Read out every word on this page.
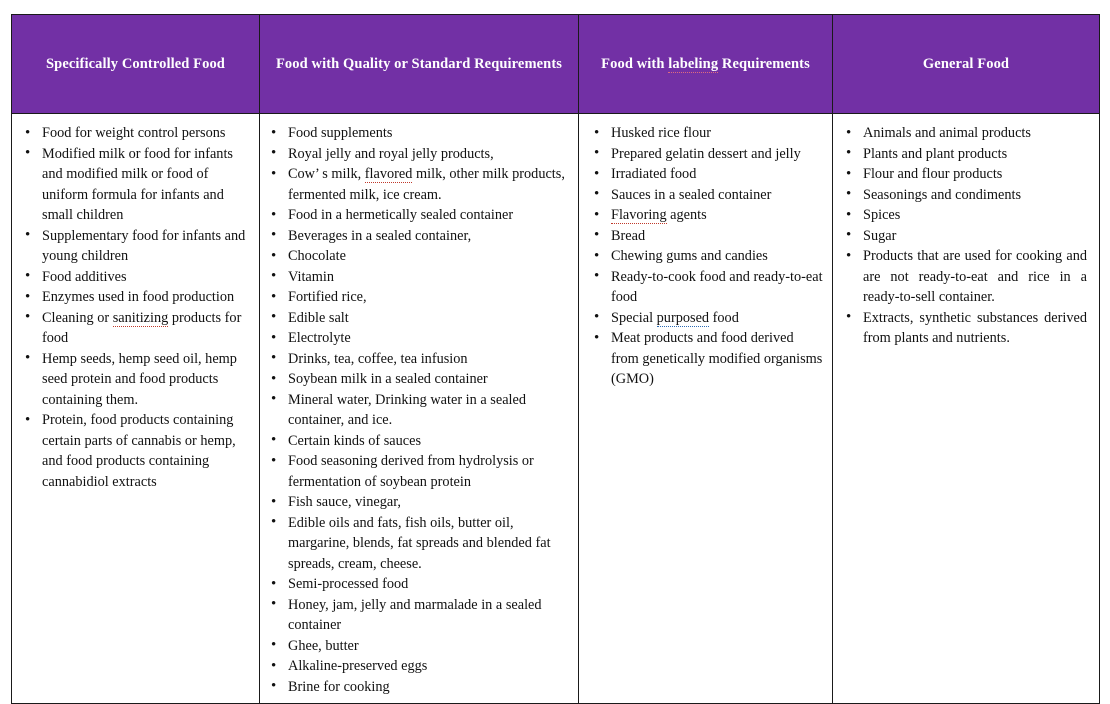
Specifically Controlled Food	Food with Quality or Standard Requirements	Food with labeling Requirements	General Food

• Food for weight control persons
• Modified milk or food for infants and modified milk or food of uniform formula for infants and small children
• Supplementary food for infants and young children
• Food additives
• Enzymes used in food production
• Cleaning or sanitizing products for food
• Hemp seeds, hemp seed oil, hemp seed protein and food products containing them.
• Protein, food products containing certain parts of cannabis or hemp, and food products containing cannabidiol extracts

• Food supplements
• Royal jelly and royal jelly products,
• Cow’ s milk, flavored milk, other milk products, fermented milk, ice cream.
• Food in a hermetically sealed container
• Beverages in a sealed container,
• Chocolate
• Vitamin
• Fortified rice,
• Edible salt
• Electrolyte
• Drinks, tea, coffee, tea infusion
• Soybean milk in a sealed container
• Mineral water, Drinking water in a sealed container, and ice.
• Certain kinds of sauces
• Food seasoning derived from hydrolysis or fermentation of soybean protein
• Fish sauce, vinegar,
• Edible oils and fats, fish oils, butter oil, margarine, blends, fat spreads and blended fat spreads, cream, cheese.
• Semi-processed food
• Honey, jam, jelly and marmalade in a sealed container
• Ghee, butter
• Alkaline-preserved eggs
• Brine for cooking

• Husked rice flour
• Prepared gelatin dessert and jelly
• Irradiated food
• Sauces in a sealed container
• Flavoring agents
• Bread
• Chewing gums and candies
• Ready-to-cook food and ready-to-eat food
• Special purposed food
• Meat products and food derived from genetically modified organisms (GMO)

• Animals and animal products
• Plants and plant products
• Flour and flour products
• Seasonings and condiments
• Spices
• Sugar
• Products that are used for cooking and are not ready-to-eat and rice in a ready-to-sell container.
• Extracts, synthetic substances derived from plants and nutrients.
